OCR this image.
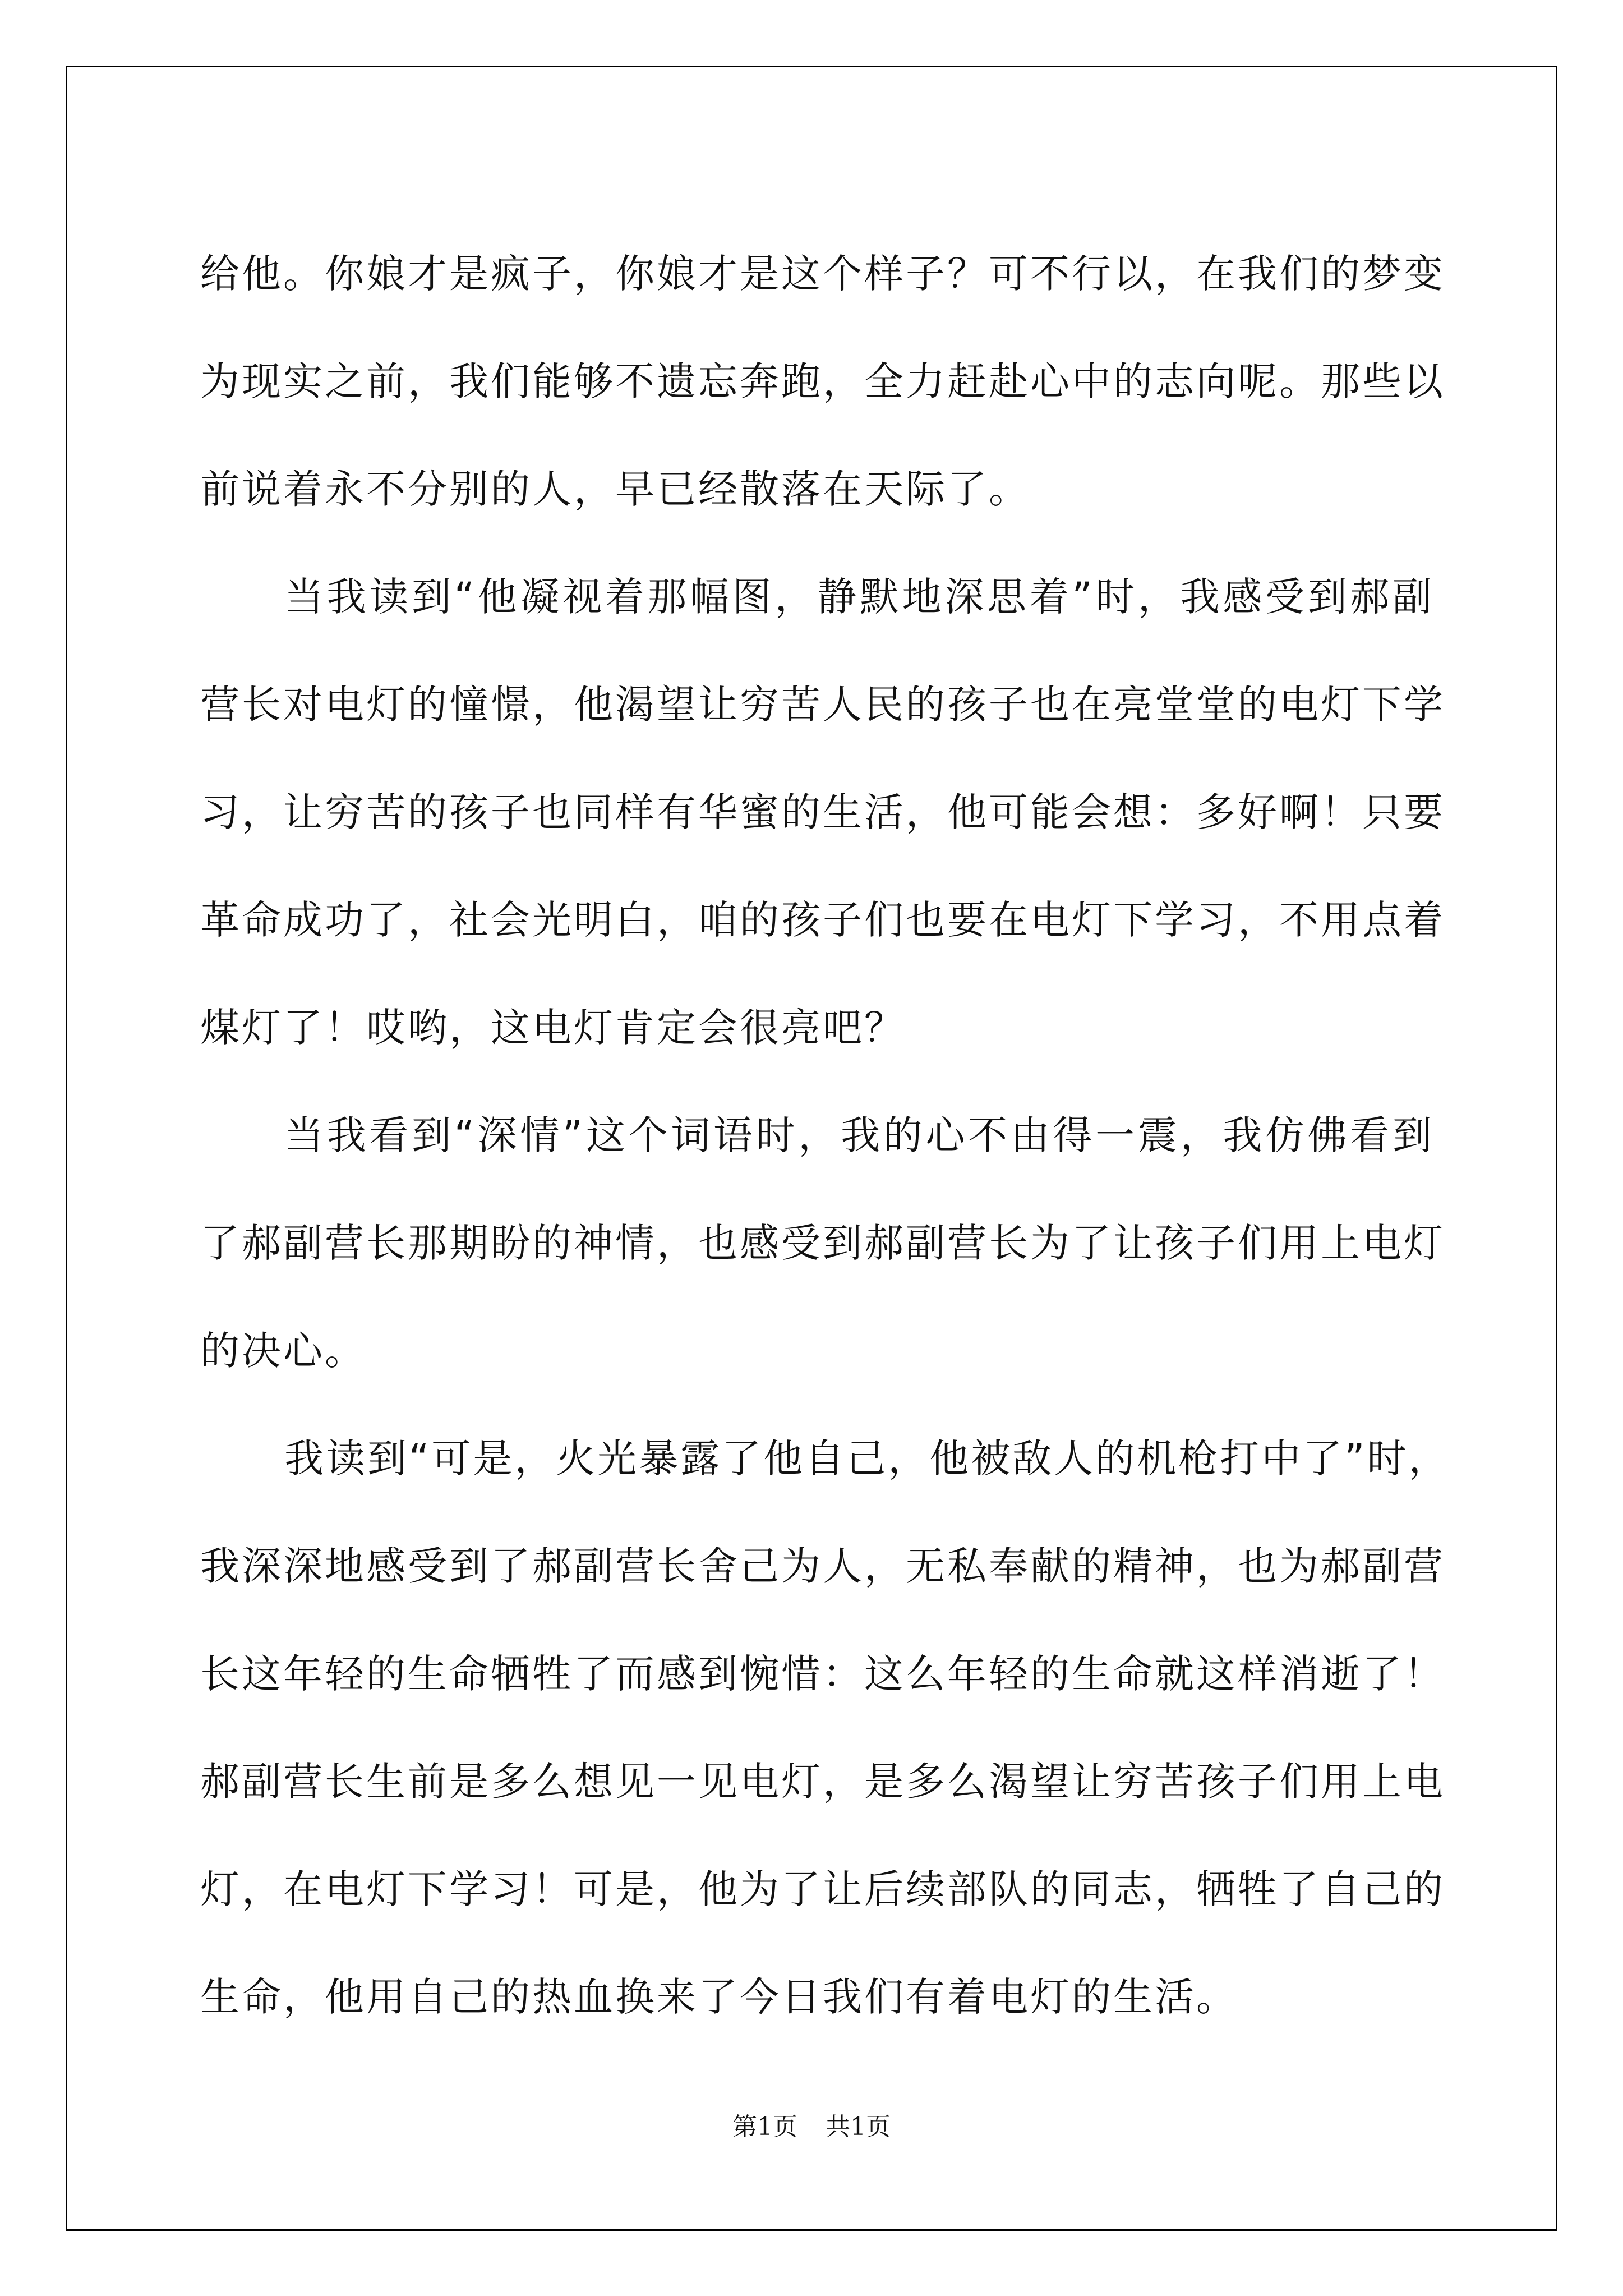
给他。你娘才是疯子，你娘才是这个样子？可不行以，在我们的梦变
为现实之前，我们能够不遗忘奔跑，全力赶赴心中的志向呢。那些以
前说着永不分别的人，早已经散落在天际了。
当我读到“他凝视着那幅图，静默地深思着”时，我感受到郝副
营长对电灯的憧憬，他渴望让穷苦人民的孩子也在亮堂堂的电灯下学
习，让穷苦的孩子也同样有华蜜的生活，他可能会想：多好啊！只要
革命成功了，社会光明白，咱的孩子们也要在电灯下学习，不用点着
煤灯了！哎哟，这电灯肯定会很亮吧？
当我看到“深情”这个词语时，我的心不由得一震，我仿佛看到
了郝副营长那期盼的神情，也感受到郝副营长为了让孩子们用上电灯
的决心。
我读到“可是，火光暴露了他自己，他被敌人的机枪打中了”时，
我深深地感受到了郝副营长舍己为人，无私奉献的精神，也为郝副营
长这年轻的生命牺牲了而感到惋惜：这么年轻的生命就这样消逝了！
郝副营长生前是多么想见一见电灯，是多么渴望让穷苦孩子们用上电
灯，在电灯下学习！可是，他为了让后续部队的同志，牺牲了自己的
生命，他用自己的热血换来了今日我们有着电灯的生活。
第1页 共1页
